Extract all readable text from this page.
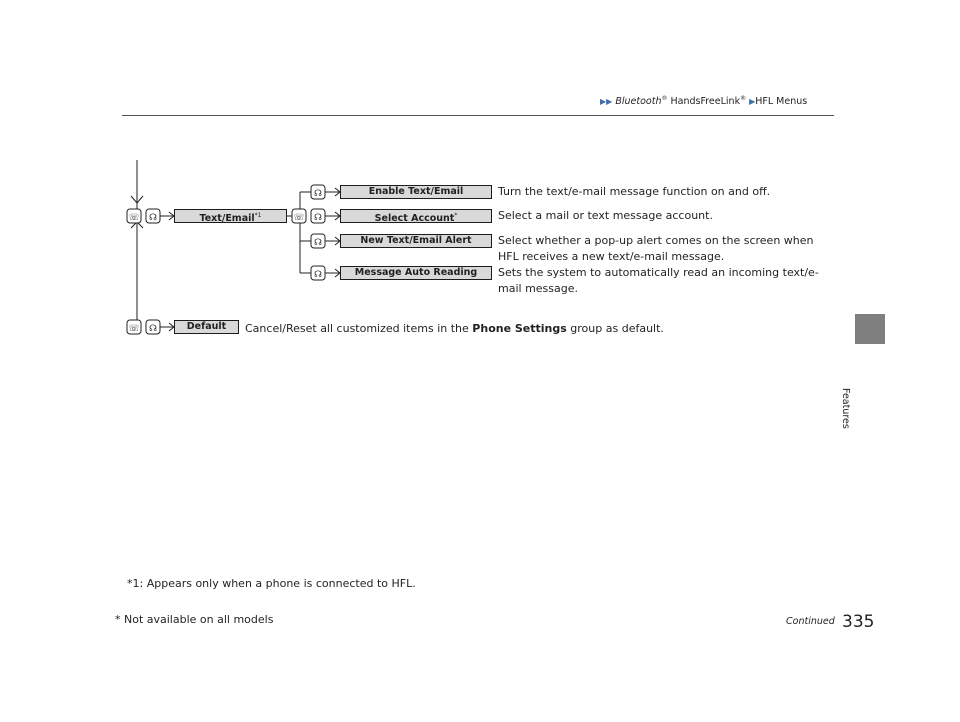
▶▶ Bluetooth® HandsFreeLink® ▶HFL Menus
Features
☏ ☊
☏ ☊
☏
☊
☊
☊
☊
Text/Email$^{*1}$
Enable Text/Email
Select Account*
New Text/Email Alert
Message Auto Reading
Turn the text/e-mail message function on and off.
Select a mail or text message account.
Select whether a pop-up alert comes on the screen when HFL receives a new text/e-mail message.
Sets the system to automatically read an incoming text/e-mail message.
Default	Cancel/Reset all customized items in the Phone Settings group as default.
*1: Appears only when a phone is connected to HFL.
* Not available on all models	Continued 335
